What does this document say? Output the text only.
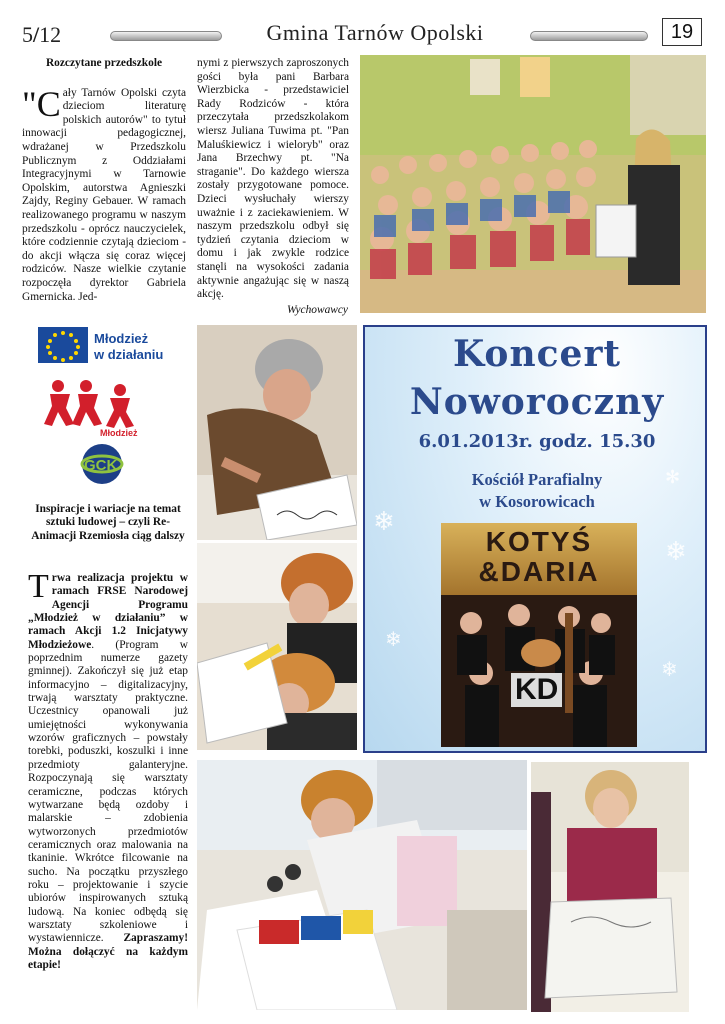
5/12	Gmina Tarnów Opolski	19
Rozczytane przedszkole
"C ały Tarnów Opolski czyta dzieciom literaturę polskich autorów" to tytuł innowacji pedagogicznej, wdrażanej w Przedszkolu Publicznym z Oddziałami Integracyjnymi w Tarnowie Opolskim, autorstwa Agnieszki Zajdy, Reginy Gebauer. W ramach realizowanego programu w naszym przedszkolu - oprócz nauczycielek, które codziennie czytają dzieciom - do akcji włącza się coraz więcej rodziców. Nasze wielkie czytanie rozpoczęła dyrektor Gabriela Gmernicka. Jed-
nymi z pierwszych zaproszonych gości była pani Barbara Wierzbicka - przedstawiciel Rady Rodziców - która przeczytała przedszkolakom wiersz Juliana Tuwima pt. "Pan Maluśkiewicz i wieloryb" oraz Jana Brzechwy pt. "Na straganie". Do każdego wiersza zostały przygotowane pomoce. Dzieci wysłuchały wierszy uważnie i z zaciekawieniem. W naszym przedszkolu odbył się tydzień czytania dzieciom w domu i jak zwykle rodzice stanęli na wysokości zadania aktywnie angażując się w naszą akcję.
Wychowawcy
Młodzież
w działaniu
Młodzież
GCK
Inspiracje i wariacje na temat sztuki ludowej – czyli Re- Animacji Rzemiosła ciąg dalszy
T rwa realizacja projektu w ramach FRSE Narodowej Agencji Programu „Młodzież w działaniu” w ramach Akcji 1.2 Inicjatywy Młodzieżowe. (Program w poprzednim numerze gazety gminnej). Zakończył się już etap informacyjno – digitalizacyjny, trwają warsztaty praktyczne. Uczestnicy opanowali już umiejętności wykonywania wzorów graficznych – powstały torebki, poduszki, koszulki i inne przedmioty galanteryjne. Rozpoczynają się warsztaty ceramiczne, podczas których wytwarzane będą ozdoby i malarskie – zdobienia wytworzonych przedmiotów ceramicznych oraz malowania na tkaninie. Wkrótce filcowanie na sucho. Na początku przyszłego roku – projektowanie i szycie ubiorów inspirowanych sztuką ludową. Na koniec odbędą się warsztaty szkoleniowe i wystawiennicze. Zapraszamy! Można dołączyć na każdym etapie!
❄
❄
❄
❄
✻
Koncert
Noworoczny
6.01.2013r. godz. 15.30
Kościół Parafialny
w Kosorowicach
KOTYŚ
&DARIA
KD
